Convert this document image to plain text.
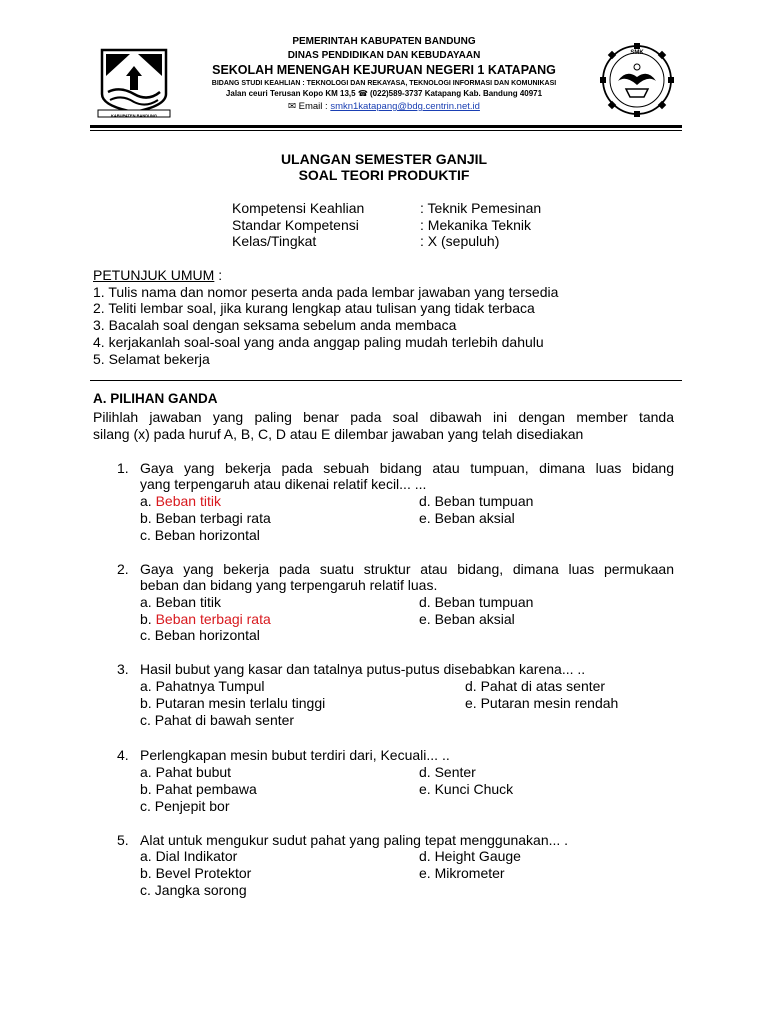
KABUPATEN BANDUNG
SMK
PEMERINTAH KABUPATEN BANDUNG
DINAS PENDIDIKAN DAN KEBUDAYAAN
SEKOLAH MENENGAH KEJURUAN NEGERI 1 KATAPANG
BIDANG STUDI KEAHLIAN : TEKNOLOGI DAN REKAYASA, TEKNOLOGI INFORMASI DAN KOMUNIKASI
Jalan ceuri Terusan Kopo KM 13,5 ☎ (022)589-3737 Katapang Kab. Bandung 40971
✉ Email : smkn1katapang@bdg.centrin.net.id
ULANGAN SEMESTER GANJIL
SOAL TEORI PRODUKTIF
Kompetensi Keahlian	: Teknik Pemesinan
Standar Kompetensi	: Mekanika Teknik
Kelas/Tingkat	: X (sepuluh)
PETUNJUK UMUM :
1. Tulis nama dan nomor peserta anda pada lembar jawaban yang tersedia
2. Teliti lembar soal, jika kurang lengkap atau tulisan yang tidak terbaca
3. Bacalah soal dengan seksama sebelum anda membaca
4. kerjakanlah soal-soal yang anda anggap paling mudah terlebih dahulu
5. Selamat bekerja
A. PILIHAN GANDA
Pilihlah jawaban yang paling benar pada soal dibawah ini dengan member tanda
silang (x) pada huruf A, B, C, D atau E dilembar jawaban yang telah disediakan
1. Gaya yang bekerja pada sebuah bidang atau tumpuan, dimana luas bidang
yang terpengaruh atau dikenai relatif kecil... ...
a. Beban titik	d. Beban tumpuan
b. Beban terbagi rata	e. Beban aksial
c. Beban horizontal
2. Gaya yang bekerja pada suatu struktur atau bidang, dimana luas permukaan
beban dan bidang yang terpengaruh relatif luas.
a. Beban titik	d. Beban tumpuan
b. Beban terbagi rata	e. Beban aksial
c. Beban horizontal
3. Hasil bubut yang kasar dan tatalnya putus-putus disebabkan karena... ..
a. Pahatnya Tumpul	d. Pahat di atas senter
b. Putaran mesin terlalu tinggi	e. Putaran mesin rendah
c. Pahat di bawah senter
4. Perlengkapan mesin bubut terdiri dari, Kecuali... ..
a. Pahat bubut	d. Senter
b. Pahat pembawa	e. Kunci Chuck
c. Penjepit bor
5. Alat untuk mengukur sudut pahat yang paling tepat menggunakan... .
a. Dial Indikator	d. Height Gauge
b. Bevel Protektor	e. Mikrometer
c. Jangka sorong
